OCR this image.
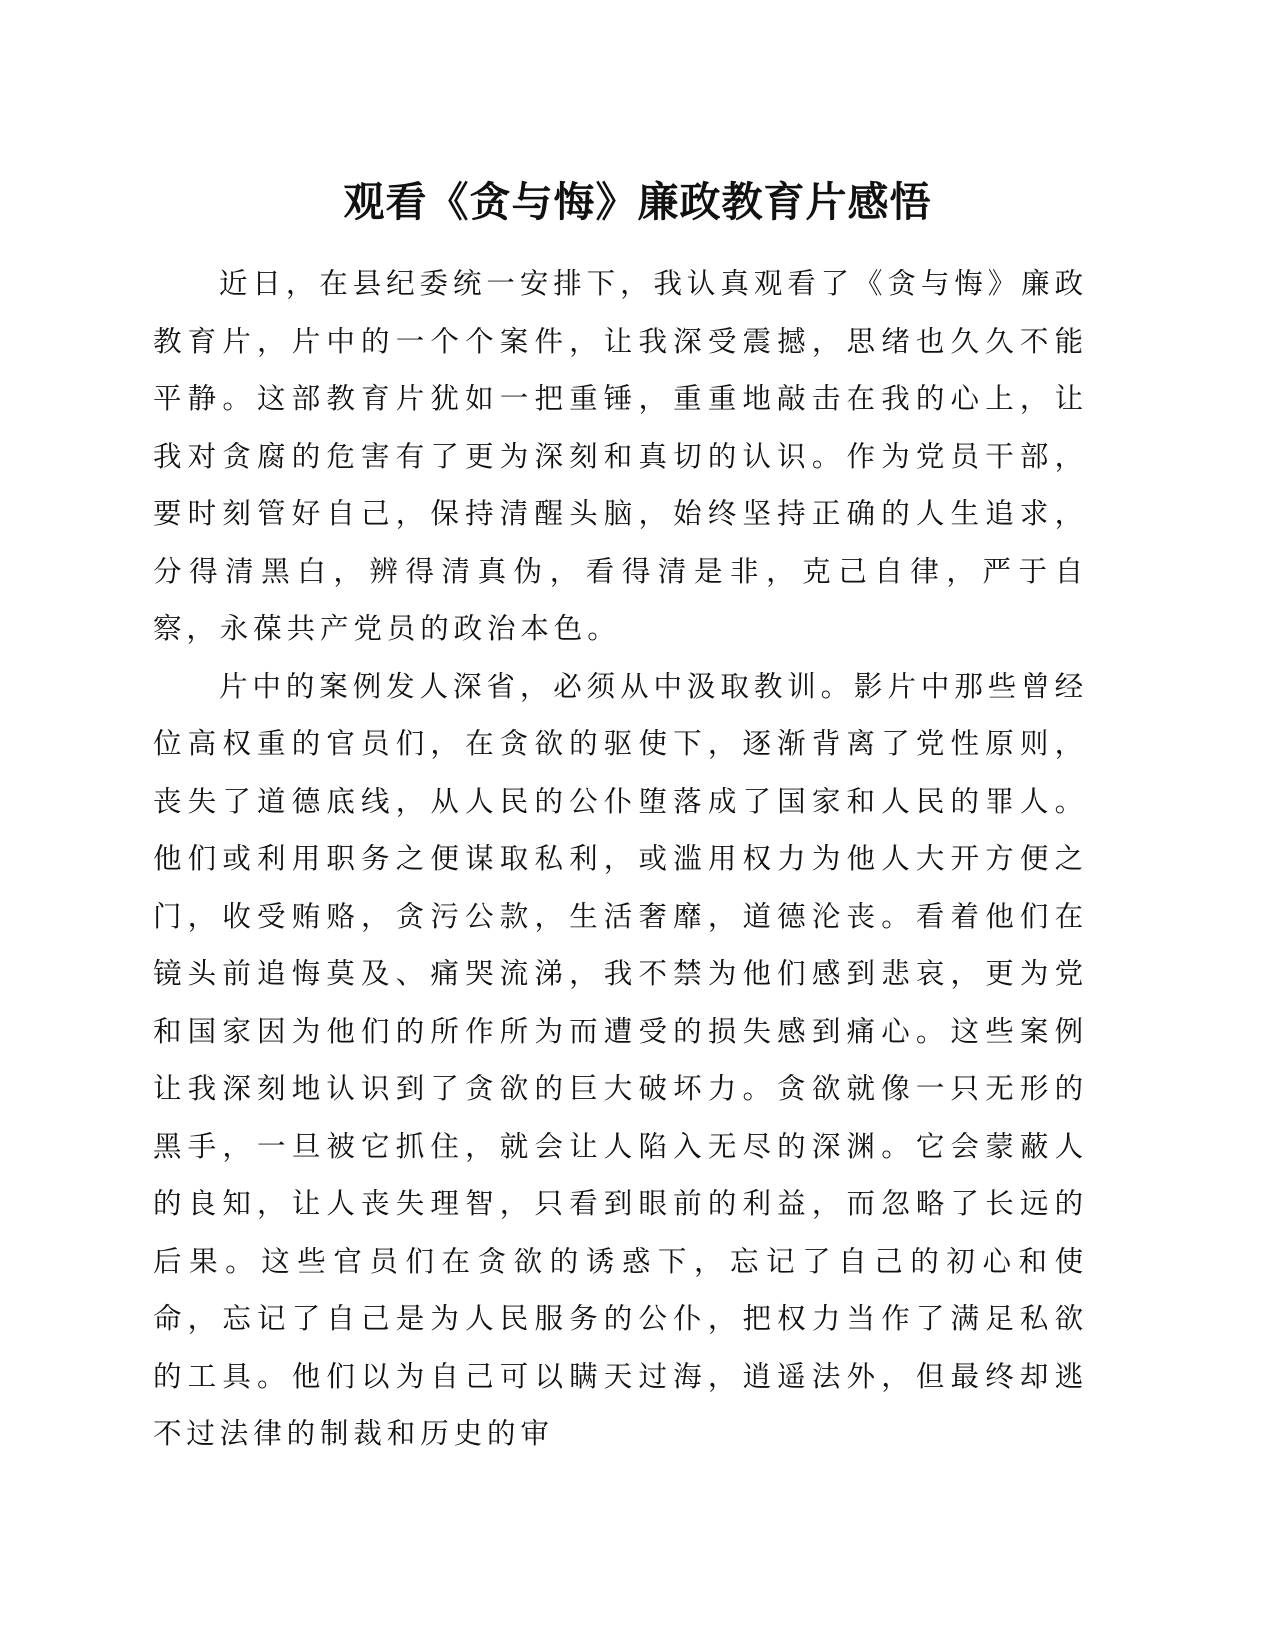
观看《贪与悔》廉政教育片感悟

近日，在县纪委统一安排下，我认真观看了《贪与悔》廉政教育片，片中的一个个案件，让我深受震撼，思绪也久久不能平静。这部教育片犹如一把重锤，重重地敲击在我的心上，让我对贪腐的危害有了更为深刻和真切的认识。作为党员干部，要时刻管好自己，保持清醒头脑，始终坚持正确的人生追求，分得清黑白，辨得清真伪，看得清是非，克己自律，严于自察，永葆共产党员的政治本色。

片中的案例发人深省，必须从中汲取教训。影片中那些曾经位高权重的官员们，在贪欲的驱使下，逐渐背离了党性原则，丧失了道德底线，从人民的公仆堕落成了国家和人民的罪人。他们或利用职务之便谋取私利，或滥用权力为他人大开方便之门，收受贿赂，贪污公款，生活奢靡，道德沦丧。看着他们在镜头前追悔莫及、痛哭流涕，我不禁为他们感到悲哀，更为党和国家因为他们的所作所为而遭受的损失感到痛心。这些案例让我深刻地认识到了贪欲的巨大破坏力。贪欲就像一只无形的黑手，一旦被它抓住，就会让人陷入无尽的深渊。它会蒙蔽人的良知，让人丧失理智，只看到眼前的利益，而忽略了长远的后果。这些官员们在贪欲的诱惑下，忘记了自己的初心和使命，忘记了自己是为人民服务的公仆，把权力当作了满足私欲的工具。他们以为自己可以瞒天过海，逍遥法外，但最终却逃不过法律的制裁和历史的审
